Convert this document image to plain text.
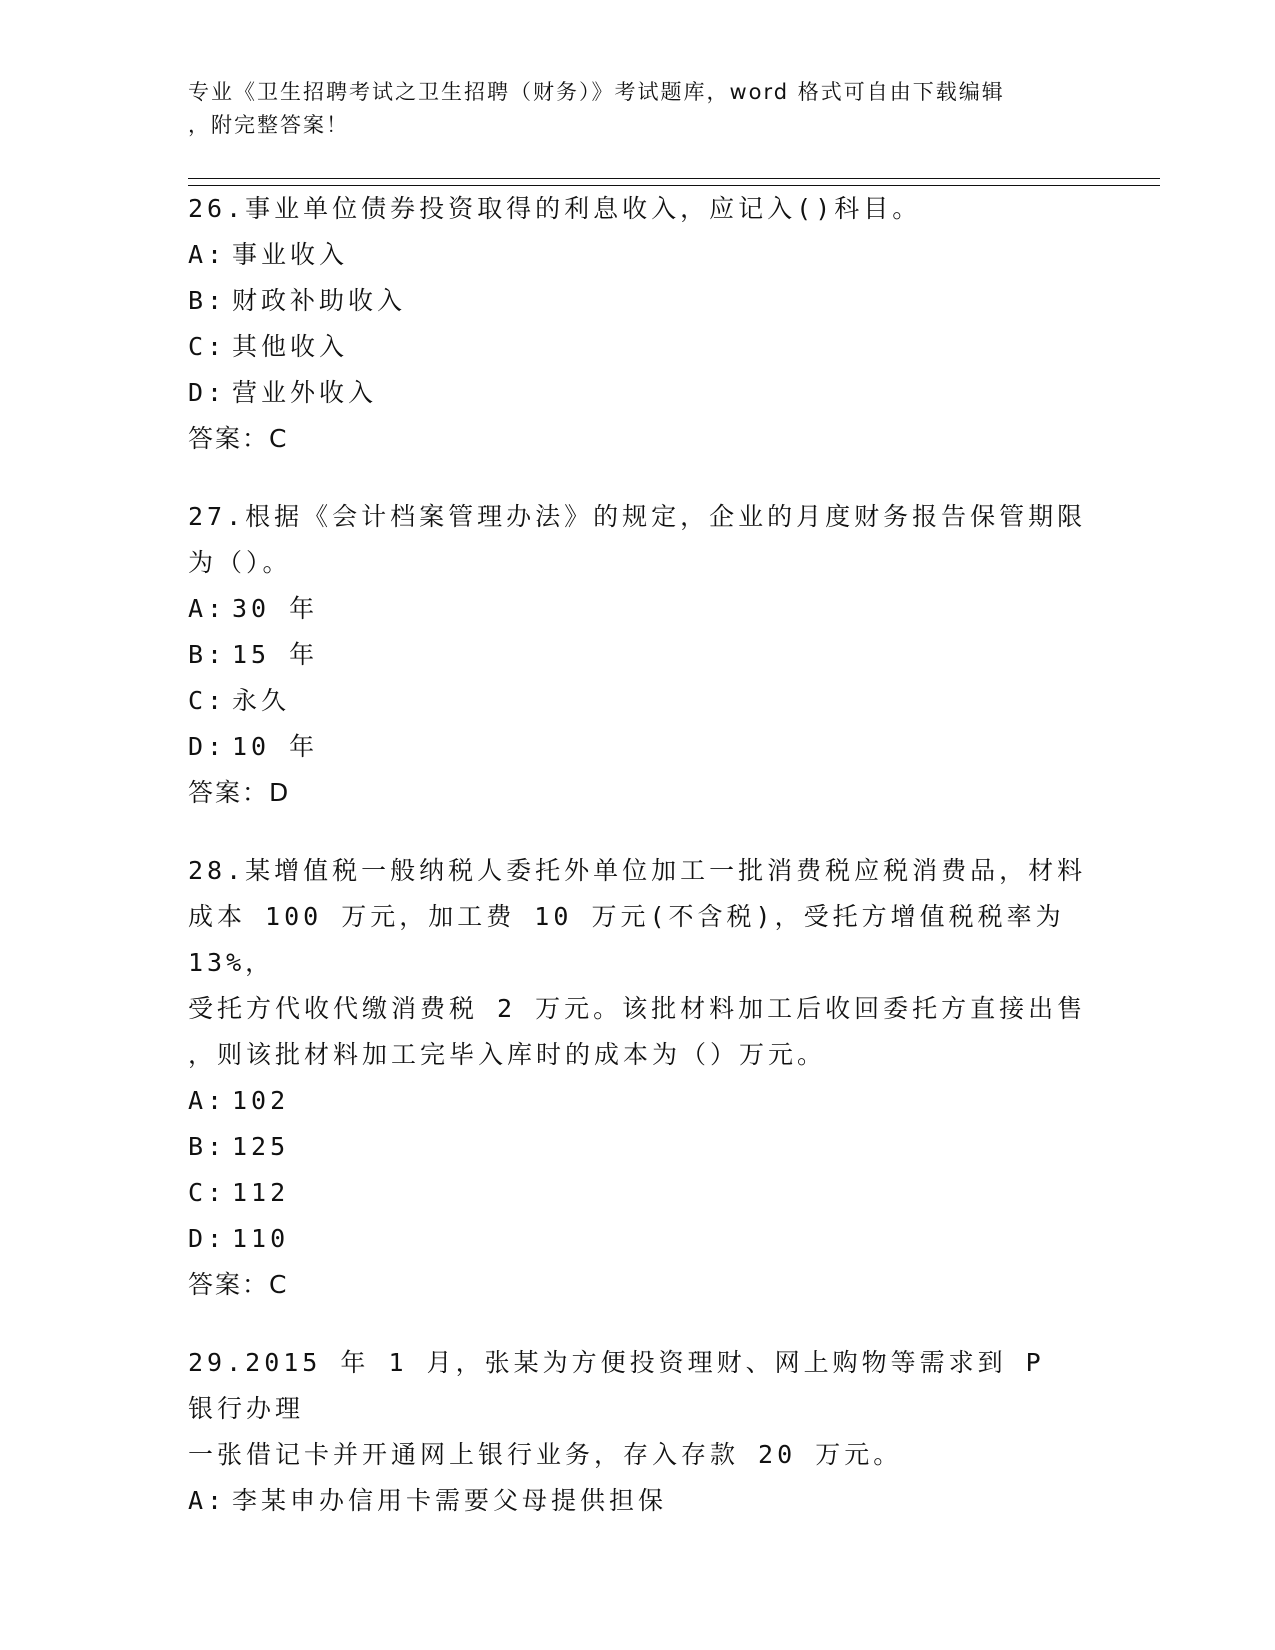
专业《卫生招聘考试之卫生招聘（财务）》考试题库，word 格式可自由下载编辑
，附完整答案！
26.事业单位债券投资取得的利息收入，应记入()科目。
A: 事业收入
B: 财政补助收入
C: 其他收入
D: 营业外收入
答案：C
27.根据《会计档案管理办法》的规定，企业的月度财务报告保管期限
为（）。
A: 30 年
B: 15 年
C: 永久
D: 10 年
答案：D
28.某增值税一般纳税人委托外单位加工一批消费税应税消费品，材料
成本 100 万元，加工费 10 万元(不含税)，受托方增值税税率为 13%，
受托方代收代缴消费税 2 万元。该批材料加工后收回委托方直接出售
，则该批材料加工完毕入库时的成本为（）万元。
A: 102
B: 125
C: 112
D: 110
答案：C
29.2015 年 1 月，张某为方便投资理财、网上购物等需求到 P 银行办理
一张借记卡并开通网上银行业务，存入存款 20 万元。
A: 李某申办信用卡需要父母提供担保
